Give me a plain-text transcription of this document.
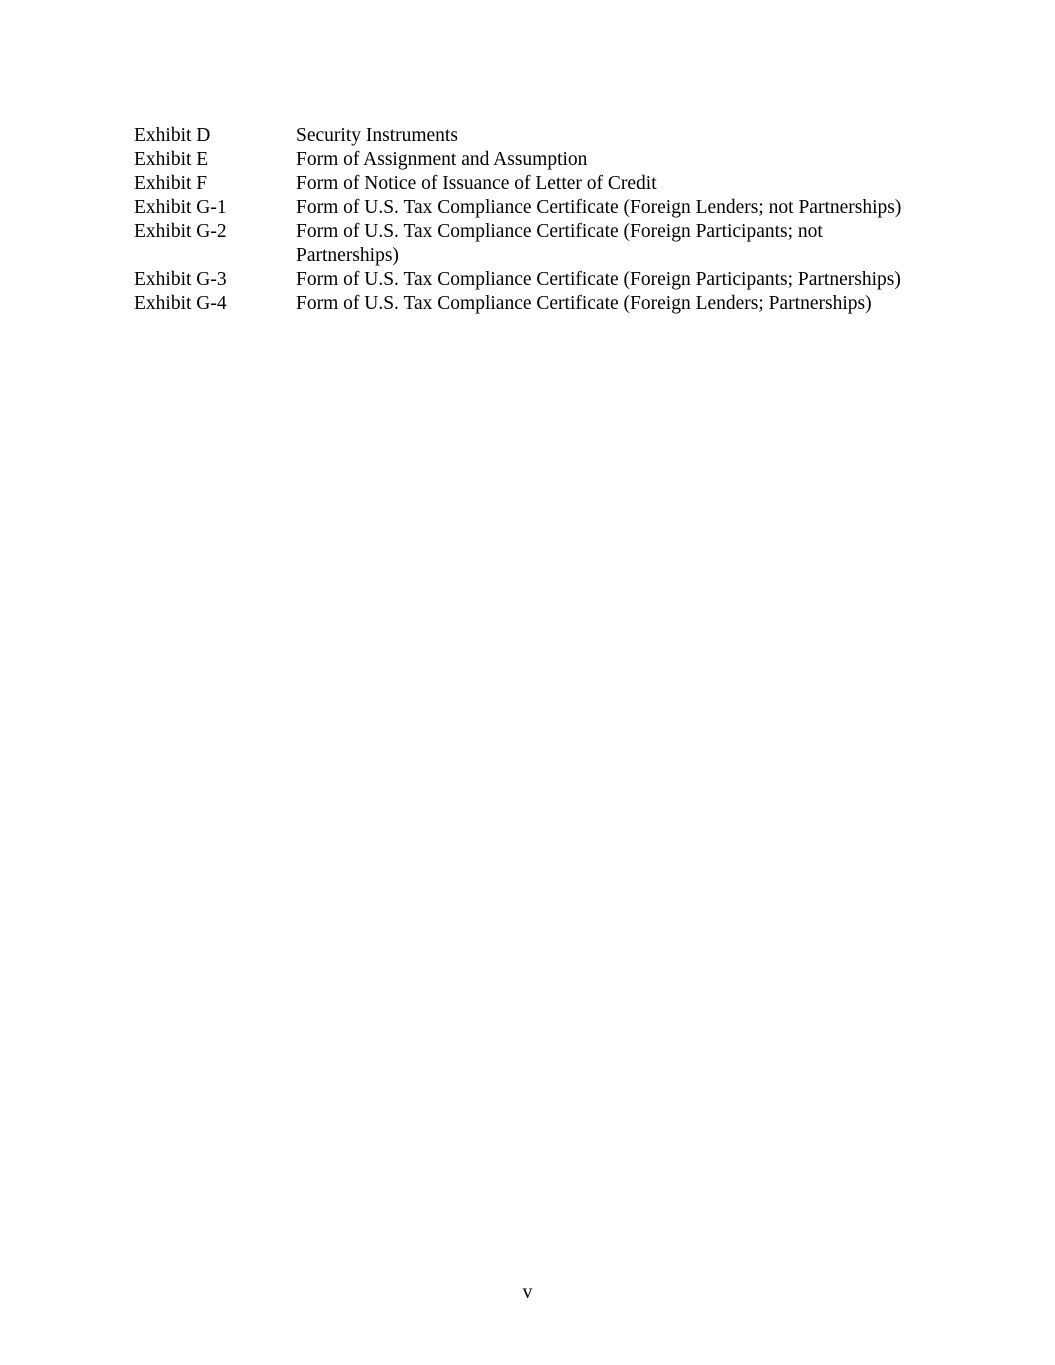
Exhibit D	Security Instruments
Exhibit E	Form of Assignment and Assumption
Exhibit F	Form of Notice of Issuance of Letter of Credit
Exhibit G-1	Form of U.S. Tax Compliance Certificate (Foreign Lenders; not Partnerships)
Exhibit G-2	Form of U.S. Tax Compliance Certificate (Foreign Participants; not Partnerships)
Exhibit G-3	Form of U.S. Tax Compliance Certificate (Foreign Participants; Partnerships)
Exhibit G-4	Form of U.S. Tax Compliance Certificate (Foreign Lenders; Partnerships)
v
